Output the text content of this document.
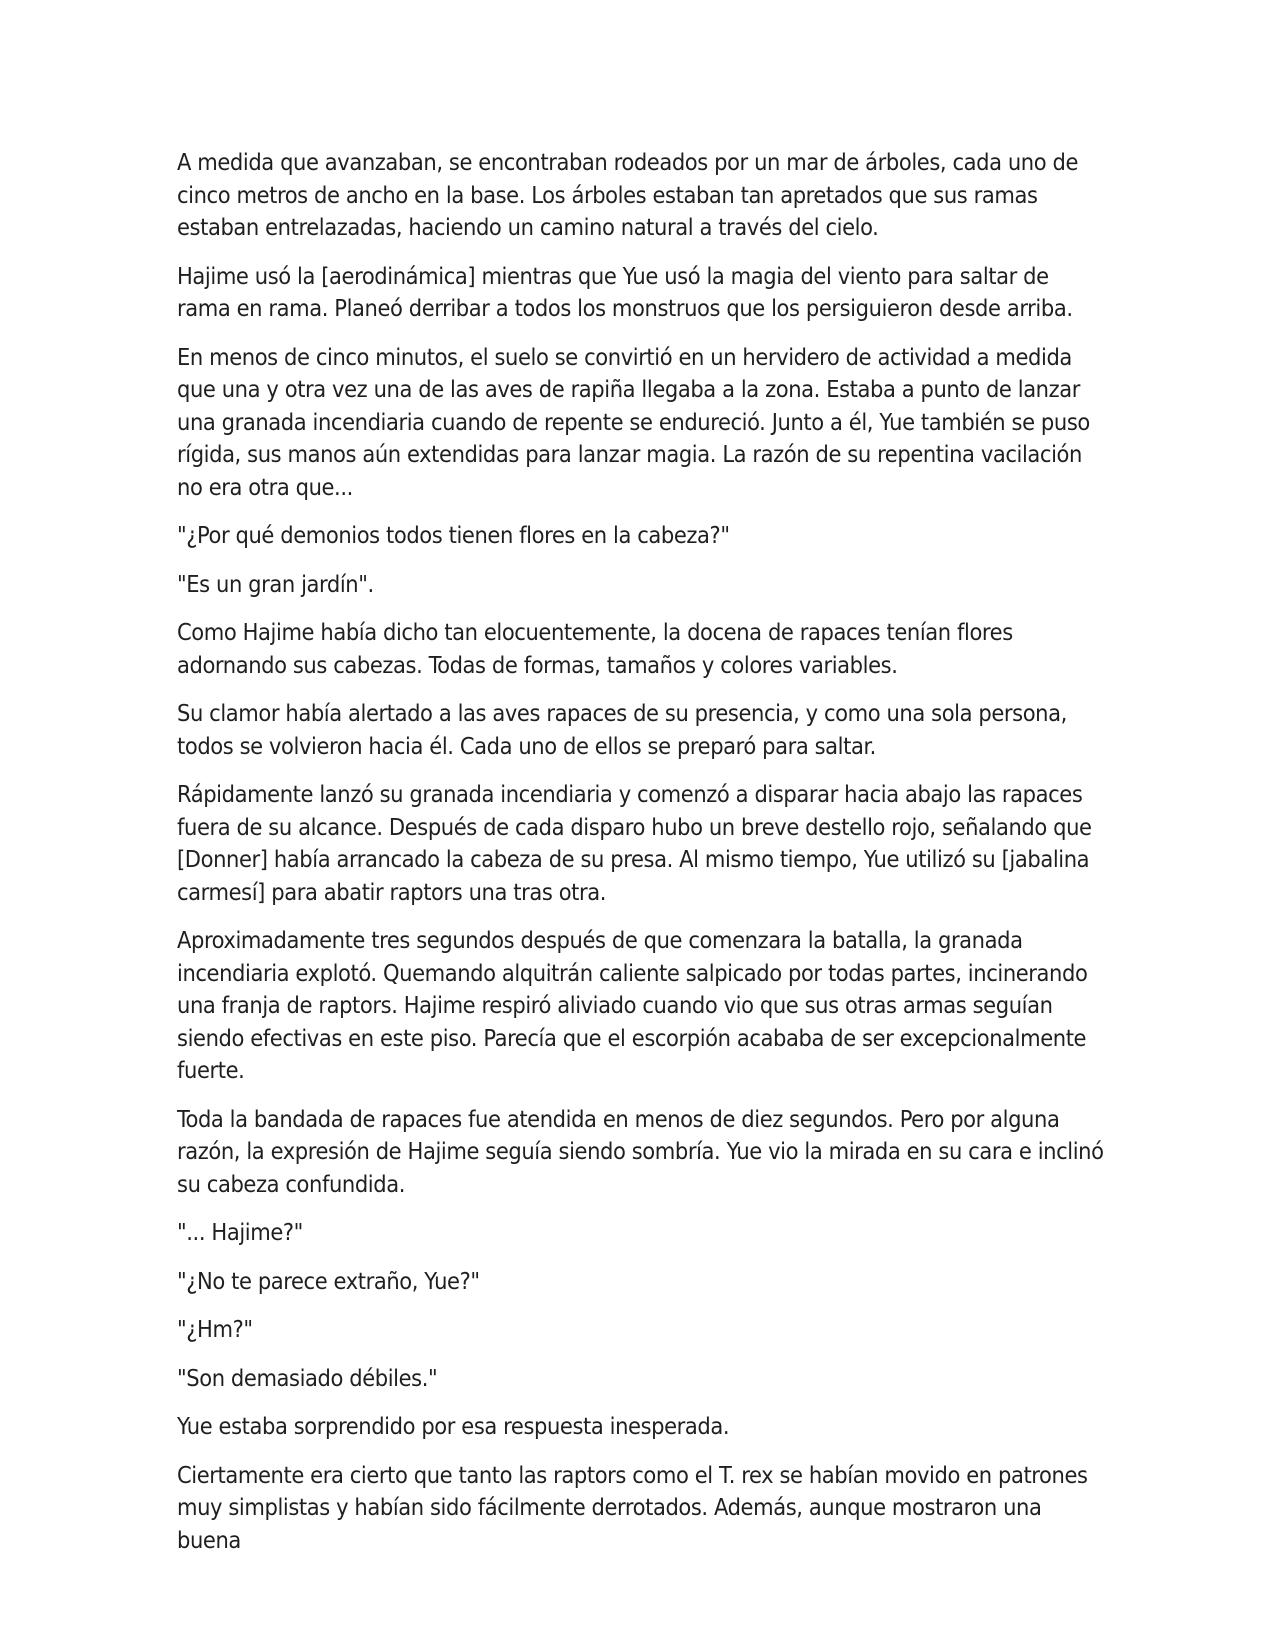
A medida que avanzaban, se encontraban rodeados por un mar de árboles, cada uno de cinco metros de ancho en la base. Los árboles estaban tan apretados que sus ramas estaban entrelazadas, haciendo un camino natural a través del cielo.

Hajime usó la [aerodinámica] mientras que Yue usó la magia del viento para saltar de rama en rama. Planeó derribar a todos los monstruos que los persiguieron desde arriba.

En menos de cinco minutos, el suelo se convirtió en un hervidero de actividad a medida que una y otra vez una de las aves de rapiña llegaba a la zona. Estaba a punto de lanzar una granada incendiaria cuando de repente se endureció. Junto a él, Yue también se puso rígida, sus manos aún extendidas para lanzar magia. La razón de su repentina vacilación no era otra que...

"¿Por qué demonios todos tienen flores en la cabeza?"

"Es un gran jardín".

Como Hajime había dicho tan elocuentemente, la docena de rapaces tenían flores adornando sus cabezas. Todas de formas, tamaños y colores variables.

Su clamor había alertado a las aves rapaces de su presencia, y como una sola persona, todos se volvieron hacia él. Cada uno de ellos se preparó para saltar.

Rápidamente lanzó su granada incendiaria y comenzó a disparar hacia abajo las rapaces fuera de su alcance. Después de cada disparo hubo un breve destello rojo, señalando que [Donner] había arrancado la cabeza de su presa. Al mismo tiempo, Yue utilizó su [jabalina carmesí] para abatir raptors una tras otra.

Aproximadamente tres segundos después de que comenzara la batalla, la granada incendiaria explotó. Quemando alquitrán caliente salpicado por todas partes, incinerando una franja de raptors. Hajime respiró aliviado cuando vio que sus otras armas seguían siendo efectivas en este piso. Parecía que el escorpión acababa de ser excepcionalmente fuerte.

Toda la bandada de rapaces fue atendida en menos de diez segundos. Pero por alguna razón, la expresión de Hajime seguía siendo sombría. Yue vio la mirada en su cara e inclinó su cabeza confundida.

"... Hajime?"

"¿No te parece extraño, Yue?"

"¿Hm?"

"Son demasiado débiles."

Yue estaba sorprendido por esa respuesta inesperada.

Ciertamente era cierto que tanto las raptors como el T. rex se habían movido en patrones muy simplistas y habían sido fácilmente derrotados. Además, aunque mostraron una buena
